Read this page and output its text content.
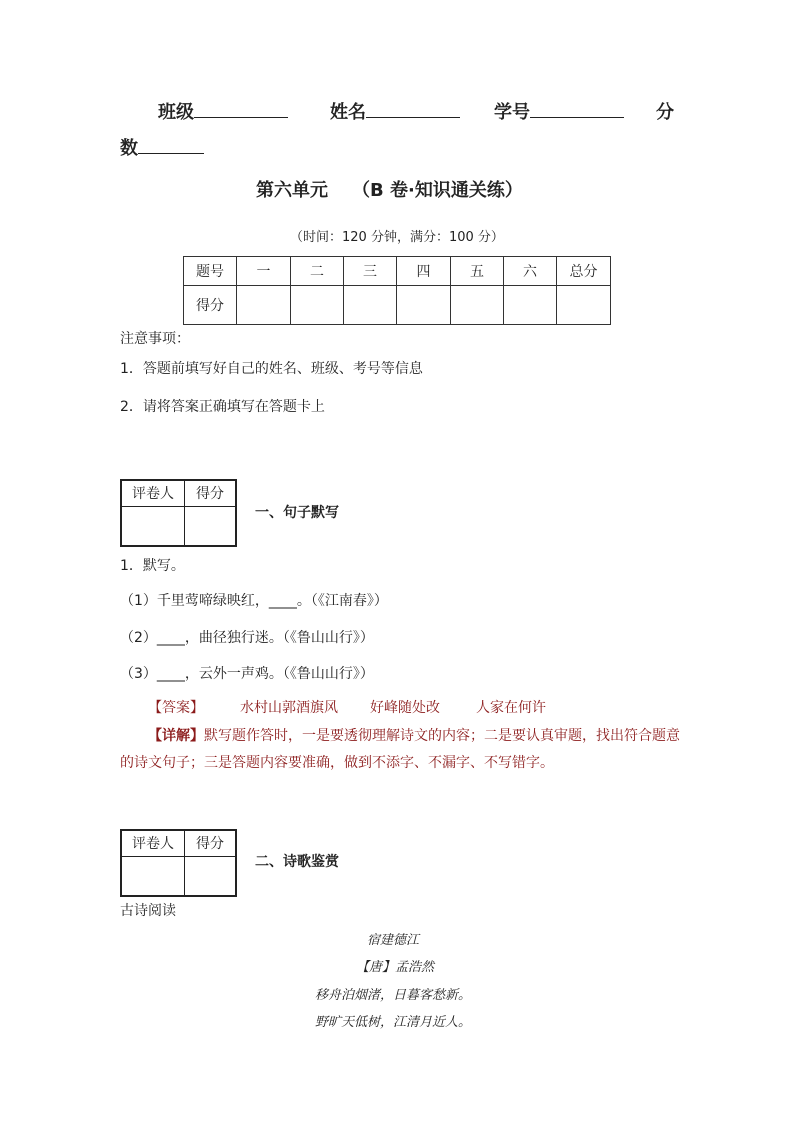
班级	姓名	学号	分
数
第六单元 （B 卷·知识通关练）
（时间：120 分钟，满分：100 分）
题号	一	二	三	四	五	六	总分
得分							
注意事项：
1．答题前填写好自己的姓名、班级、考号等信息
2．请将答案正确填写在答题卡上
评卷人	得分

一、句子默写
1．默写。
（1）千里莺啼绿映红，____。（《江南春》）
（2）____，曲径独行迷。（《鲁山山行》）
（3）____，云外一声鸡。（《鲁山山行》）
【答案】	水村山郭酒旗风 好峰随处改	人家在何许
【详解】默写题作答时，一是要透彻理解诗文的内容；二是要认真审题，找出符合题意
的诗文句子；三是答题内容要准确，做到不添字、不漏字、不写错字。
评卷人	得分

二、诗歌鉴赏
古诗阅读
宿建德江
【唐】孟浩然
移舟泊烟渚，日暮客愁新。
野旷天低树，江清月近人。
